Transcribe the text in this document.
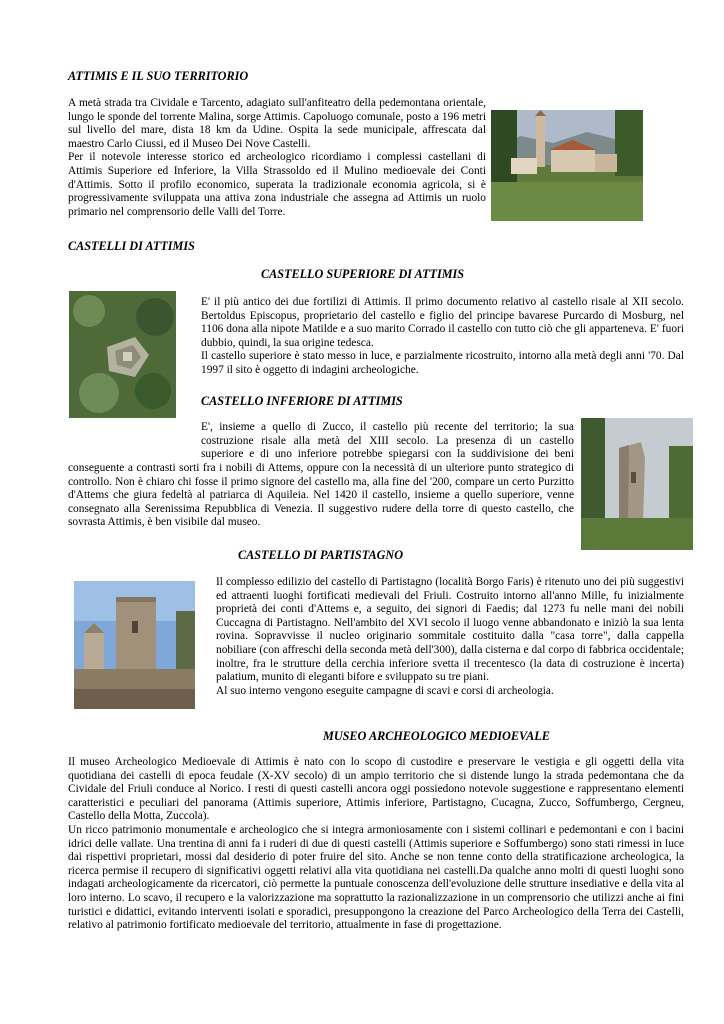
ATTIMIS E IL SUO TERRITORIO
A metà strada tra Cividale e Tarcento, adagiato sull'anfiteatro della pedemontana orientale, lungo le sponde del torrente Malina, sorge Attimis. Capoluogo comunale, posto a 196 metri sul livello del mare, dista 18 km da Udine. Ospita la sede municipale, affrescata dal maestro Carlo Ciussi, ed il Museo Dei Nove Castelli.
Per il notevole interesse storico ed archeologico ricordiamo i complessi castellani di Attimis Superiore ed Inferiore, la Villa Strassoldo ed il Mulino medioevale dei Conti d'Attimis. Sotto il profilo economico, superata la tradizionale economia agricola, si è progressivamente sviluppata una attiva zona industriale che assegna ad Attimis un ruolo primario nel comprensorio delle Valli del Torre.
CASTELLI DI ATTIMIS
CASTELLO SUPERIORE DI ATTIMIS
E' il più antico dei due fortilizi di Attimis. Il primo documento relativo al castello risale al XII secolo. Bertoldus Episcopus, proprietario del castello e figlio del principe bavarese Purcardo di Mosburg, nel 1106 dona alla nipote Matilde e a suo marito Corrado il castello con tutto ciò che gli apparteneva. E' fuori dubbio, quindi, la sua origine tedesca.
Il castello superiore è stato messo in luce, e parzialmente ricostruito, intorno alla metà degli anni '70. Dal 1997 il sito è oggetto di indagini archeologiche.
CASTELLO INFERIORE DI ATTIMIS
E', insieme a quello di Zucco, il castello più recente del territorio; la sua
costruzione risale alla metà del XIII secolo. La presenza di un castello
superiore e di uno inferiore potrebbe spiegarsi con la suddivisione dei beni
conseguente a contrasti sorti fra i nobili di Attems, oppure con la necessità di un ulteriore punto strategico di controllo. Non è chiaro chi fosse il primo signore del castello ma, alla fine del '200, compare un certo Purzitto d'Attems che giura fedeltà al patriarca di Aquileia. Nel 1420 il castello, insieme a quello superiore, venne consegnato alla Serenissima Repubblica di Venezia. Il suggestivo rudere della torre di questo castello, che sovrasta Attimis, è ben visibile dal museo.
CASTELLO DI PARTISTAGNO
Il complesso edilizio del castello di Partistagno (località Borgo Faris) è ritenuto uno dei più suggestivi ed attraenti luoghi fortificati medievali del Friuli. Costruito intorno all'anno Mille, fu inizialmente proprietà dei conti d'Attems e, a seguito, dei signori di Faedis; dal 1273 fu nelle mani dei nobili Cuccagna di Partistagno. Nell'ambito del XVI secolo il luogo venne abbandonato e iniziò la sua lenta rovina. Sopravvisse il nucleo originario sommitale costituito dalla "casa torre", dalla cappella nobiliare (con affreschi della seconda metà dell'300), dalla cisterna e dal corpo di fabbrica occidentale; inoltre, fra le strutture della cerchia inferiore svetta il trecentesco (la data di costruzione è incerta) palatium, munito di eleganti bifore e sviluppato su tre piani.
Al suo interno vengono eseguite campagne di scavi e corsi di archeologia.
MUSEO ARCHEOLOGICO MEDIOEVALE
Il museo Archeologico Medioevale di Attimis è nato con lo scopo di custodire e preservare le vestigia e gli oggetti della vita quotidiana dei castelli di epoca feudale (X-XV secolo) di un ampio territorio che si distende lungo la strada pedemontana che da Cividale del Friuli conduce al Norico. I resti di questi castelli ancora oggi possiedono notevole suggestione e rappresentano elementi caratteristici e peculiari del panorama (Attimis superiore, Attimis inferiore, Partistagno, Cucagna, Zucco, Soffumbergo, Cergneu, Castello della Motta, Zuccola).
Un ricco patrimonio monumentale e archeologico che si integra armoniosamente con i sistemi collinari e pedemontani e con i bacini idrici delle vallate. Una trentina di anni fa i ruderi di due di questi castelli (Attimis superiore e Soffumbergo) sono stati rimessi in luce dai rispettivi proprietari, mossi dal desiderio di poter fruire del sito. Anche se non tenne conto della stratificazione archeologica, la ricerca permise il recupero di significativi oggetti relativi alla vita quotidiana nei castelli.Da qualche anno molti di questi luoghi sono indagati archeologicamente da ricercatori, ciò permette la puntuale conoscenza dell'evoluzione delle strutture insediative e della vita al loro interno. Lo scavo, il recupero e la valorizzazione ma soprattutto la razionalizzazione in un comprensorio che utilizzi anche ai fini turistici e didattici, evitando interventi isolati e sporadici, presuppongono la creazione del Parco Archeologico della Terra dei Castelli, relativo al patrimonio fortificato medioevale del territorio, attualmente in fase di progettazione.
